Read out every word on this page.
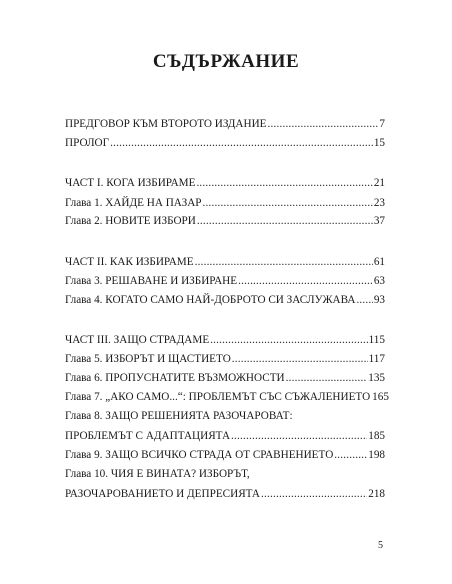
СЪДЪРЖАНИЕ
ПРЕДГОВОР КЪМ ВТОРОТО ИЗДАНИЕ .....	7
ПРОЛОГ .....	15
ЧАСТ I. КОГА ИЗБИРАМЕ .....	21
Глава 1. ХАЙДЕ НА ПАЗАР .....	23
Глава 2. НОВИТЕ ИЗБОРИ .....	37
ЧАСТ II. КАК ИЗБИРАМЕ .....	61
Глава 3. РЕШАВАНЕ И ИЗБИРАНЕ .....	63
Глава 4. КОГАТО САМО НАЙ-ДОБРОТО СИ ЗАСЛУЖАВА ..... 93
ЧАСТ III. ЗАЩО СТРАДАМЕ .....	115
Глава 5. ИЗБОРЪТ И ЩАСТИЕТО .....	117
Глава 6. ПРОПУСНАТИТЕ ВЪЗМОЖНОСТИ .....	135
Глава 7. „АКО САМО...“: ПРОБЛЕМЪТ СЪС СЪЖАЛЕНИЕТО 165
Глава 8. ЗАЩО РЕШЕНИЯТА РАЗОЧАРОВАТ:
ПРОБЛЕМЪТ С АДАПТАЦИЯТА .....	185
Глава 9. ЗАЩО ВСИЧКО СТРАДА ОТ СРАВНЕНИЕТО .....	198
Глава 10. ЧИЯ Е ВИНАТА? ИЗБОРЪТ,
РАЗОЧАРОВАНИЕТО И ДЕПРЕСИЯТА .....	218
5
